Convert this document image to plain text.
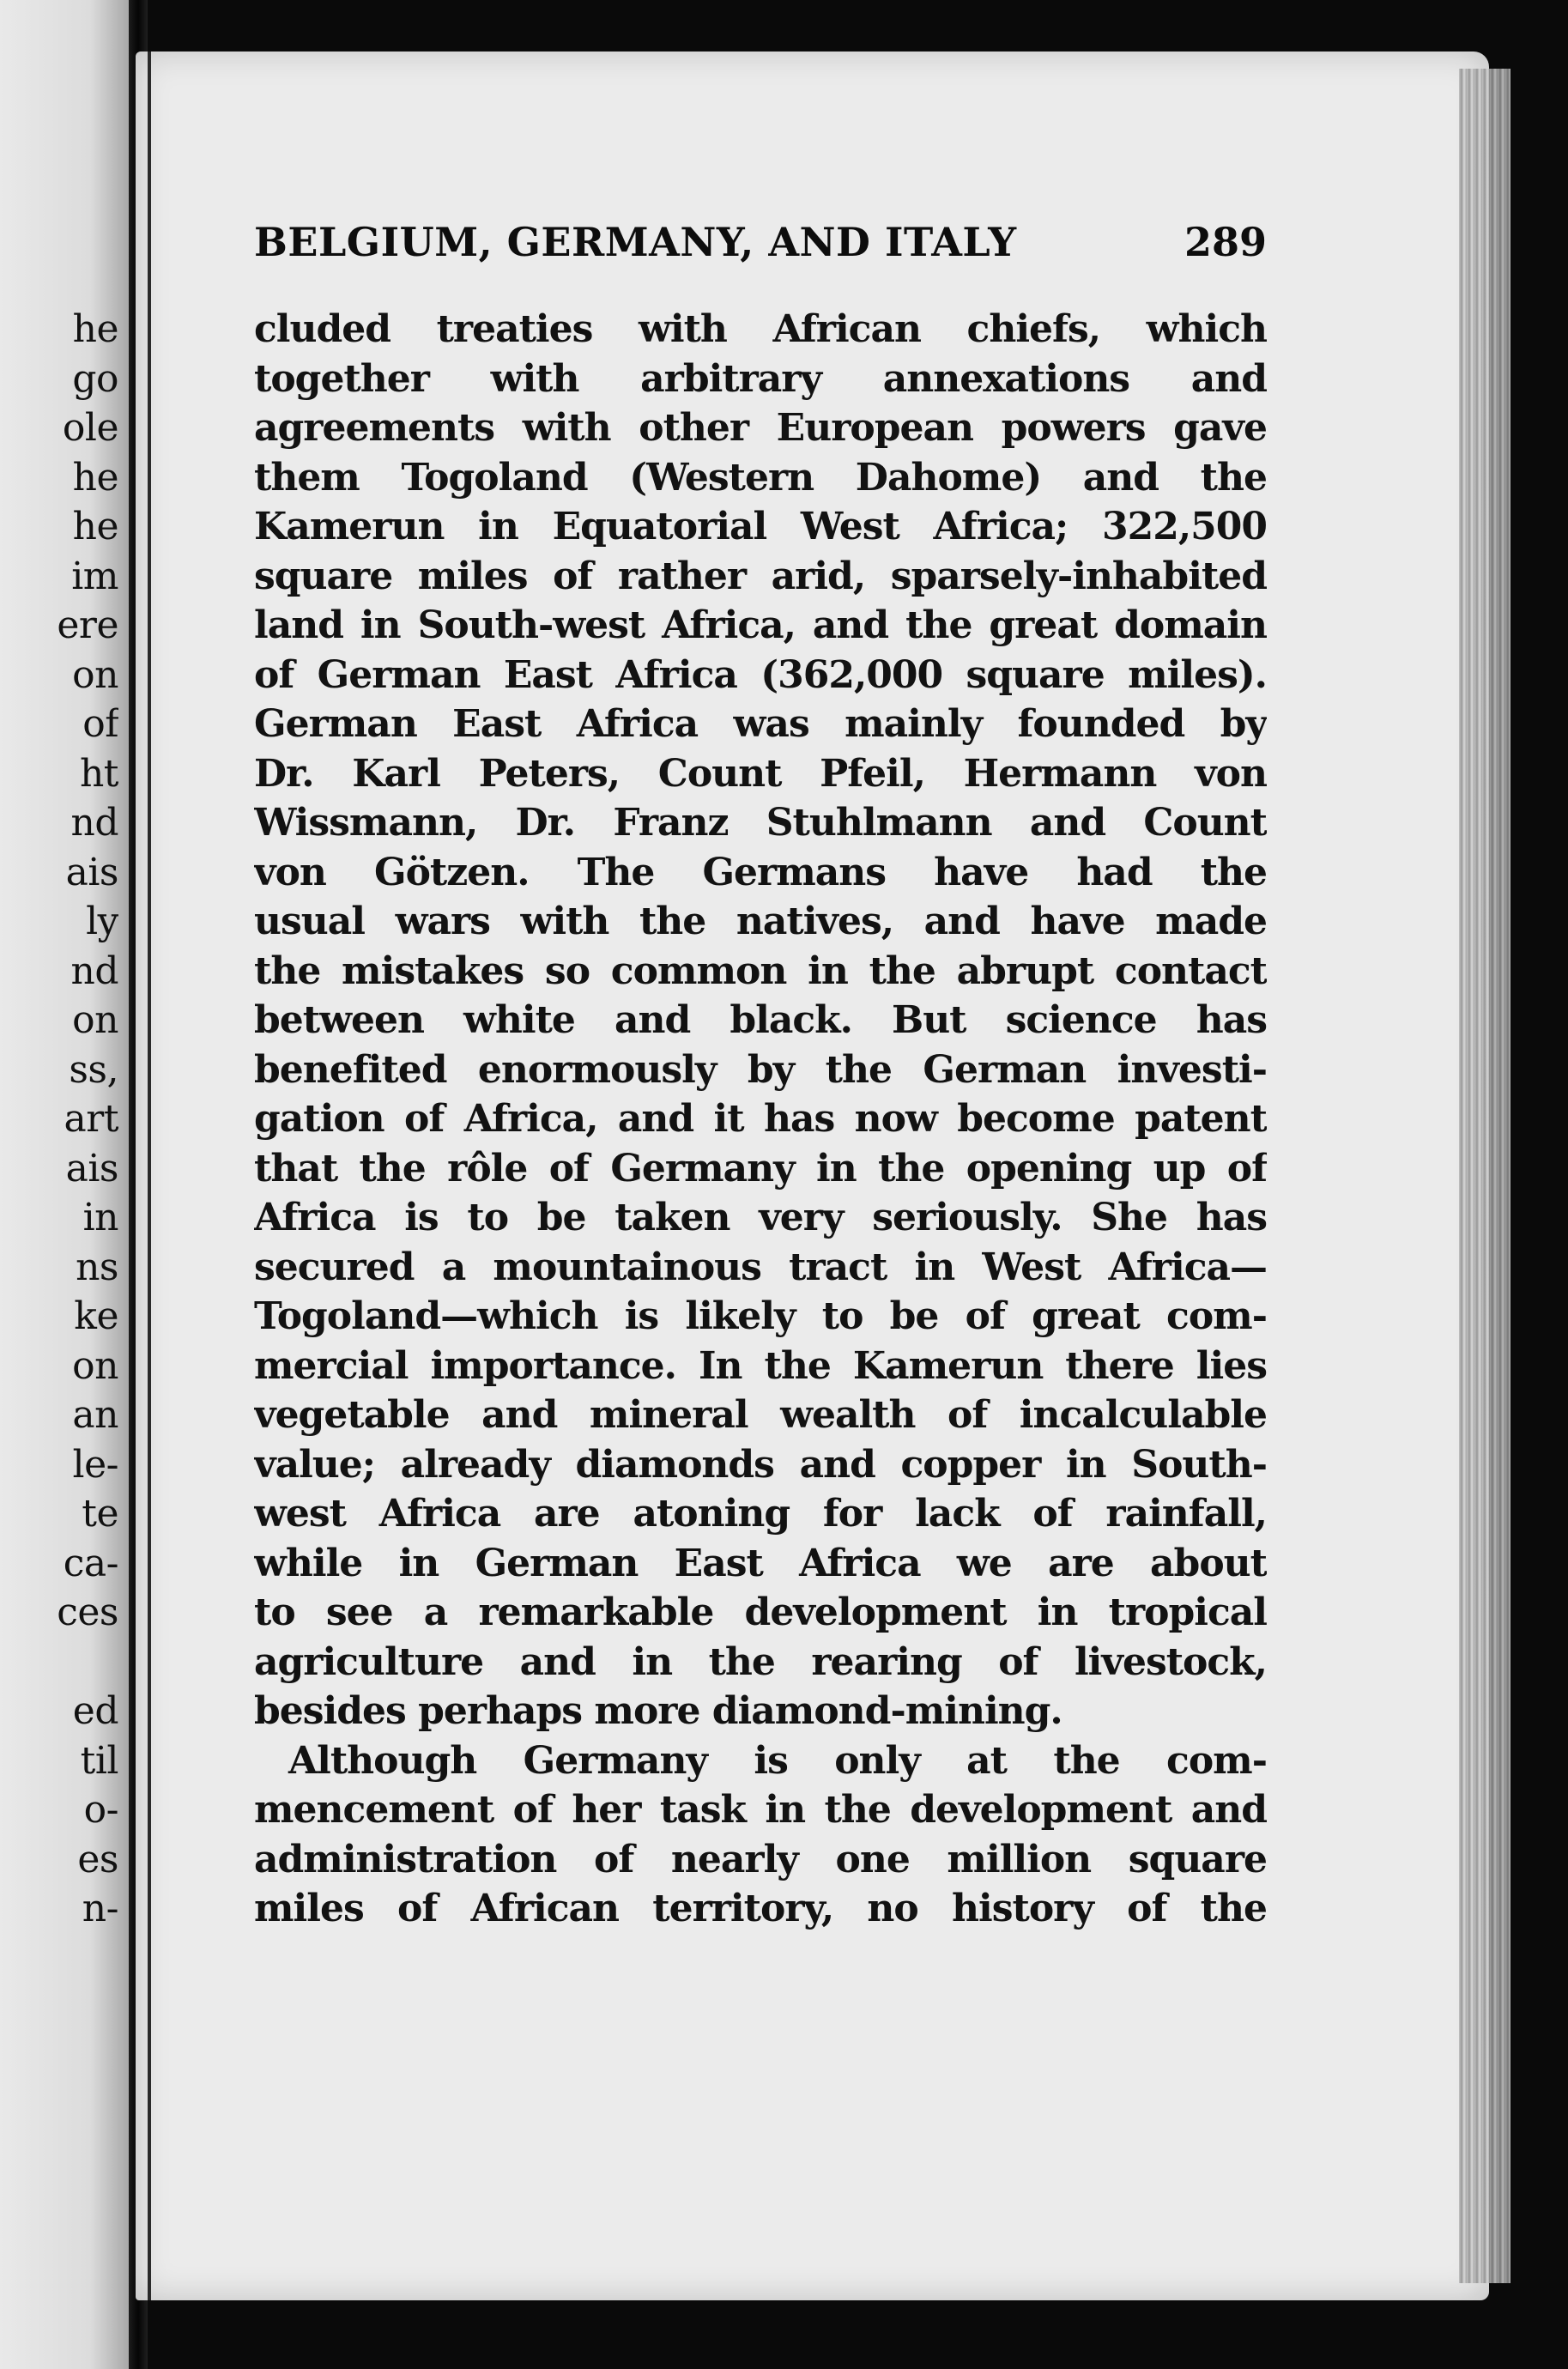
he
go
ole
he
he
im
ere
on
of
ht
nd
ais
ly
nd
on
ss,
art
ais
in
ns
ke
on
an
le-
te
ca-
ces
ed
til
o-
es
n-
BELGIUM, GERMANY, AND ITALY	289
cluded treaties with African chiefs, which
together with arbitrary annexations and
agreements with other European powers gave
them Togoland (Western Dahome) and the
Kamerun in Equatorial West Africa; 322,500
square miles of rather arid, sparsely-inhabited
land in South-west Africa, and the great domain
of German East Africa (362,000 square miles).
German East Africa was mainly founded by
Dr. Karl Peters, Count Pfeil, Hermann von
Wissmann, Dr. Franz Stuhlmann and Count
von Götzen. The Germans have had the
usual wars with the natives, and have made
the mistakes so common in the abrupt contact
between white and black. But science has
benefited enormously by the German investi-
gation of Africa, and it has now become patent
that the rôle of Germany in the opening up of
Africa is to be taken very seriously. She has
secured a mountainous tract in West Africa—
Togoland—which is likely to be of great com-
mercial importance. In the Kamerun there lies
vegetable and mineral wealth of incalculable
value; already diamonds and copper in South-
west Africa are atoning for lack of rainfall,
while in German East Africa we are about
to see a remarkable development in tropical
agriculture and in the rearing of livestock,
besides perhaps more diamond-mining.
Although Germany is only at the com-
mencement of her task in the development and
administration of nearly one million square
miles of African territory, no history of the
